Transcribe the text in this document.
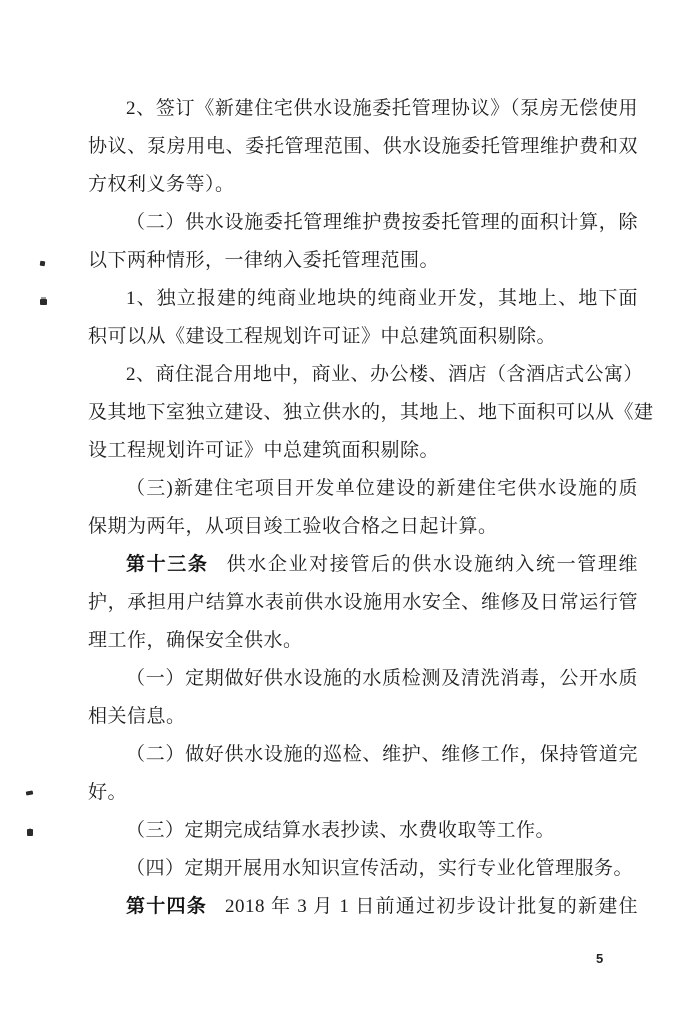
2、签订《新建住宅供水设施委托管理协议》（泵房无偿使用
协议、泵房用电、委托管理范围、供水设施委托管理维护费和双
方权利义务等）。
（二）供水设施委托管理维护费按委托管理的面积计算，除
以下两种情形，一律纳入委托管理范围。
1、独立报建的纯商业地块的纯商业开发，其地上、地下面
积可以从《建设工程规划许可证》中总建筑面积剔除。
2、商住混合用地中，商业、办公楼、酒店（含酒店式公寓）
及其地下室独立建设、独立供水的，其地上、地下面积可以从《建
设工程规划许可证》中总建筑面积剔除。
（三)新建住宅项目开发单位建设的新建住宅供水设施的质
保期为两年，从项目竣工验收合格之日起计算。
第十三条 供水企业对接管后的供水设施纳入统一管理维
护，承担用户结算水表前供水设施用水安全、维修及日常运行管
理工作，确保安全供水。
（一）定期做好供水设施的水质检测及清洗消毒，公开水质
相关信息。
（二）做好供水设施的巡检、维护、维修工作，保持管道完
好。
（三）定期完成结算水表抄读、水费收取等工作。
（四）定期开展用水知识宣传活动，实行专业化管理服务。
第十四条 2018 年 3 月 1 日前通过初步设计批复的新建住
5
